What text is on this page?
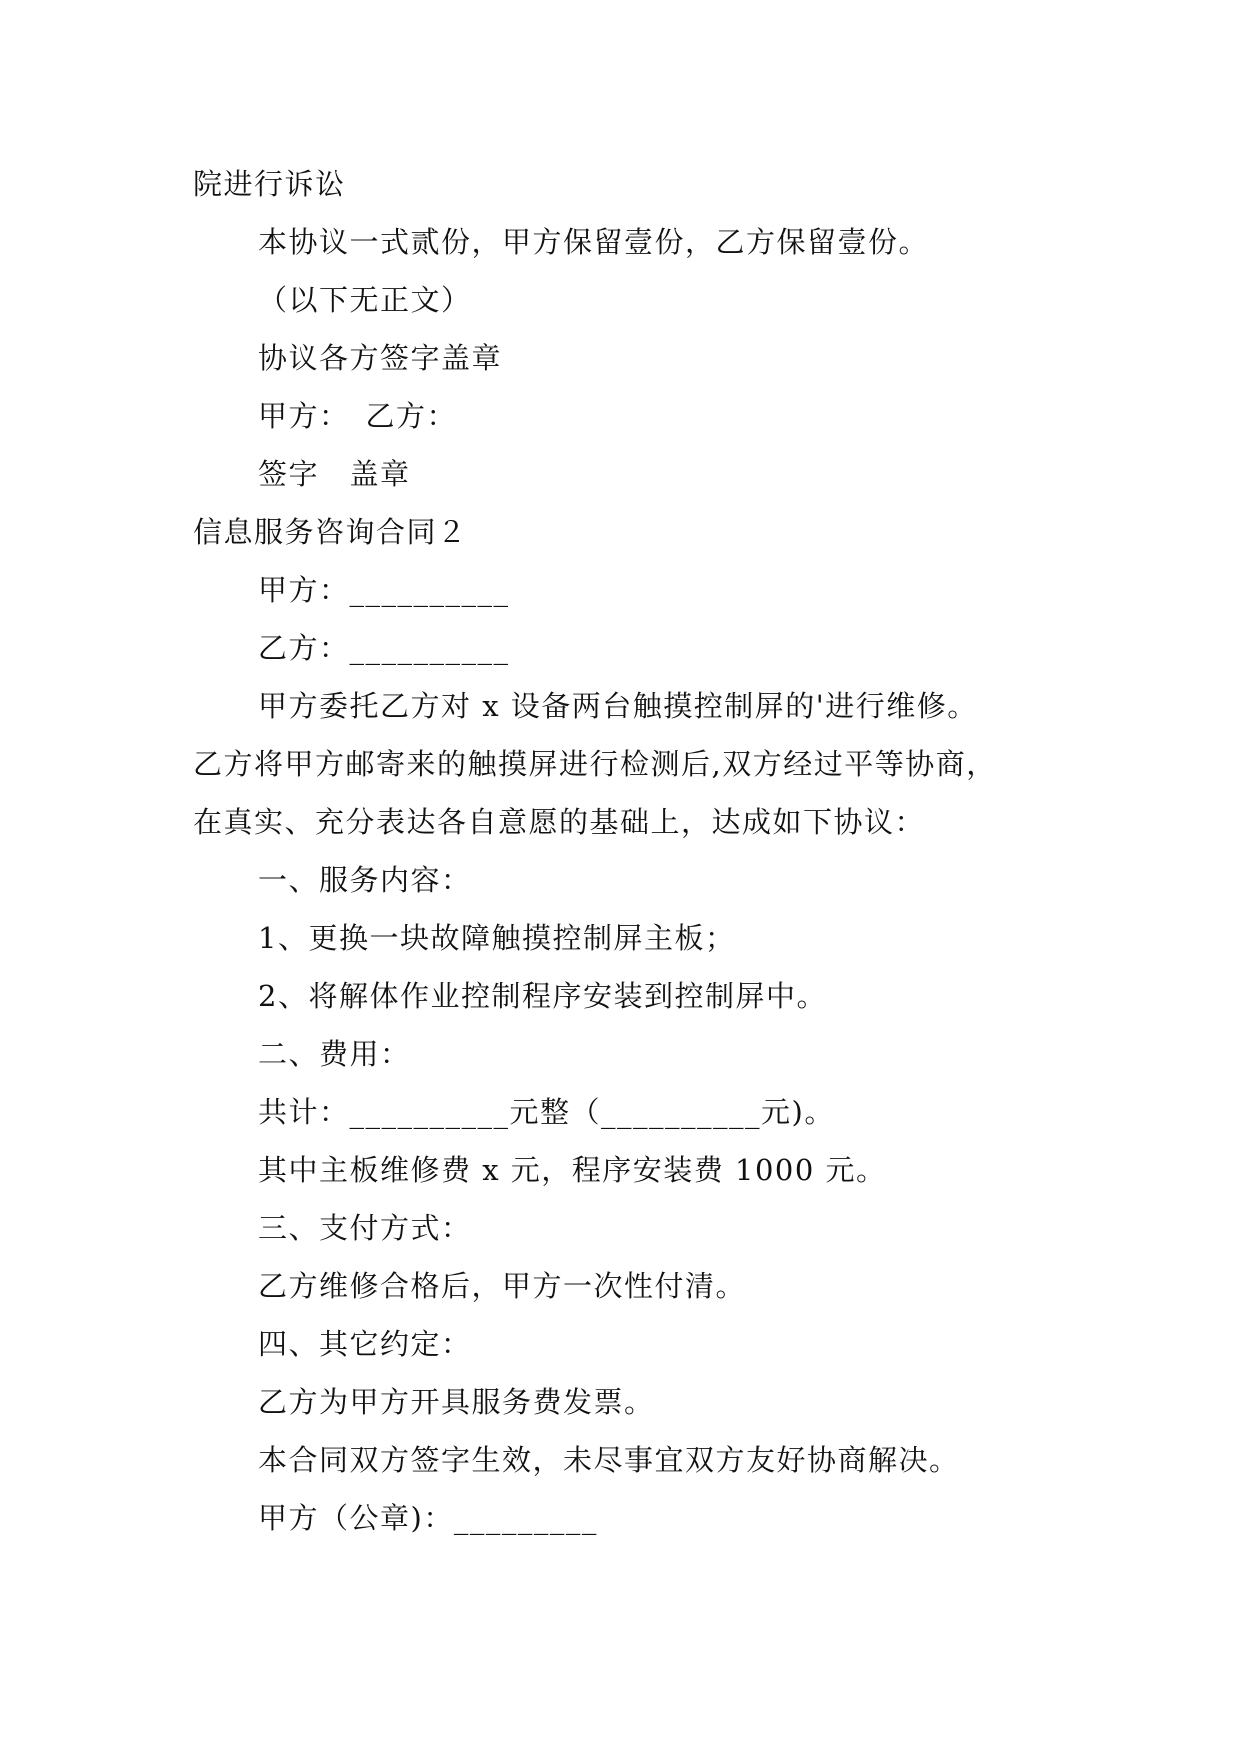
院进行诉讼
本协议一式贰份，甲方保留壹份，乙方保留壹份。
（以下无正文）
协议各方签字盖章
甲方：　乙方：
签字　盖章
信息服务咨询合同２
甲方：__________
乙方：__________
甲方委托乙方对 x 设备两台触摸控制屏的'进行维修。
乙方将甲方邮寄来的触摸屏进行检测后,双方经过平等协商，
在真实、充分表达各自意愿的基础上，达成如下协议：
一、服务内容：
1、更换一块故障触摸控制屏主板；
2、将解体作业控制程序安装到控制屏中。
二、费用：
共计：__________元整（__________元)。
其中主板维修费 x 元，程序安装费 1000 元。
三、支付方式：
乙方维修合格后，甲方一次性付清。
四、其它约定：
乙方为甲方开具服务费发票。
本合同双方签字生效，未尽事宜双方友好协商解决。
甲方（公章)：_________
